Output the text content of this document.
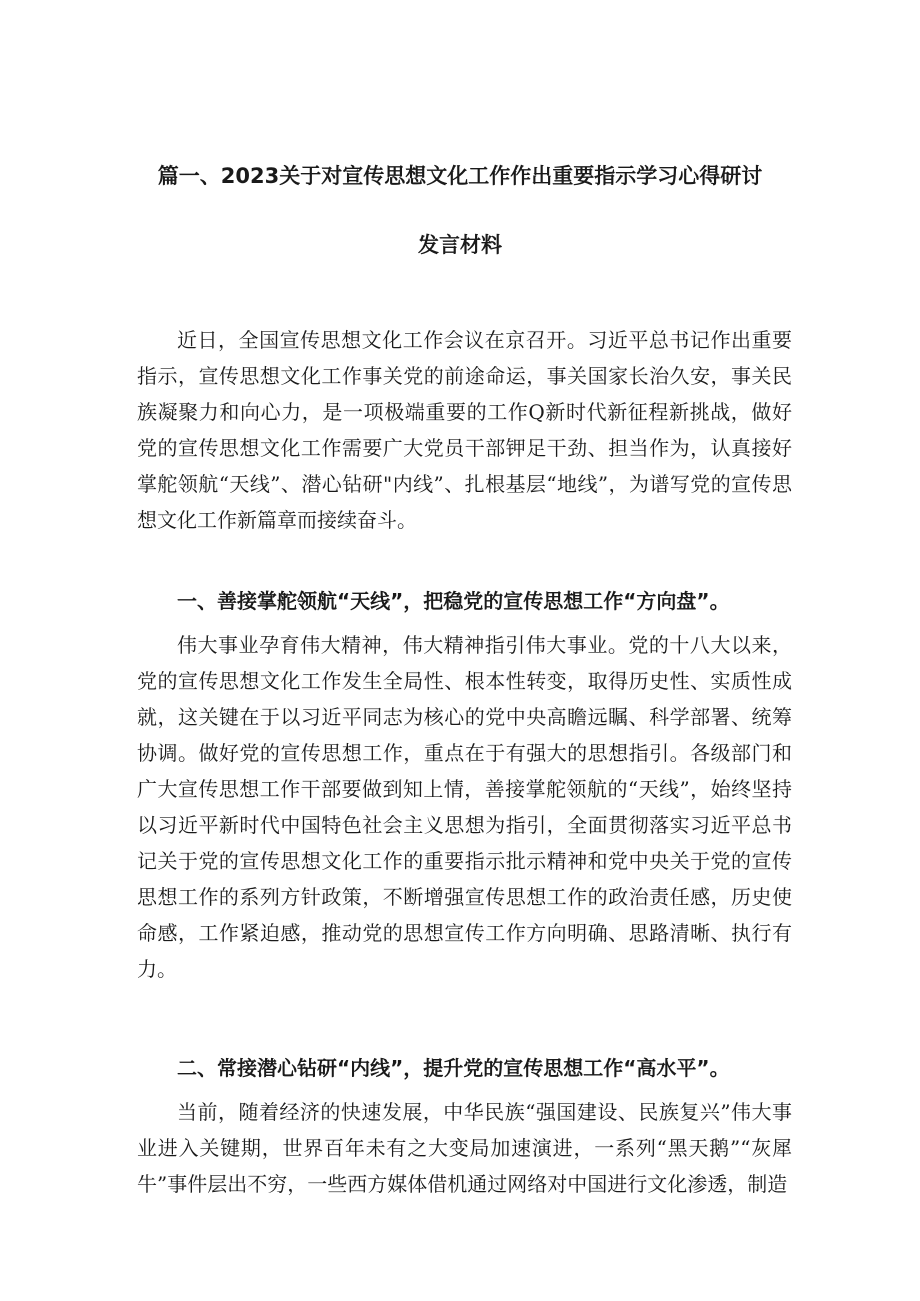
篇一、2023关于对宣传思想文化工作作出重要指示学习心得研讨
发言材料

近日，全国宣传思想文化工作会议在京召开。习近平总书记作出重要指示，宣传思想文化工作事关党的前途命运，事关国家长治久安，事关民族凝聚力和向心力，是一项极端重要的工作Q新时代新征程新挑战，做好党的宣传思想文化工作需要广大党员干部钾足干劲、担当作为，认真接好掌舵领航“天线”、潜心钻研"内线”、扎根基层“地线”，为谱写党的宣传思想文化工作新篇章而接续奋斗。

一、善接掌舵领航“天线”，把稳党的宣传思想工作“方向盘”。

伟大事业孕育伟大精神，伟大精神指引伟大事业。党的十八大以来，党的宣传思想文化工作发生全局性、根本性转变，取得历史性、实质性成就，这关键在于以习近平同志为核心的党中央高瞻远瞩、科学部署、统筹协调。做好党的宣传思想工作，重点在于有强大的思想指引。各级部门和广大宣传思想工作干部要做到知上情，善接掌舵领航的“天线”，始终坚持以习近平新时代中国特色社会主义思想为指引，全面贯彻落实习近平总书记关于党的宣传思想文化工作的重要指示批示精神和党中央关于党的宣传思想工作的系列方针政策，不断增强宣传思想工作的政治责任感，历史使命感，工作紧迫感，推动党的思想宣传工作方向明确、思路清晰、执行有力。

二、常接潜心钻研“内线”，提升党的宣传思想工作“高水平”。

当前，随着经济的快速发展，中华民族“强国建设、民族复兴”伟大事业进入关键期，世界百年未有之大变局加速演进，一系列“黑天鹅”“灰犀牛”事件层出不穷，一些西方媒体借机通过网络对中国进行文化渗透，制造
